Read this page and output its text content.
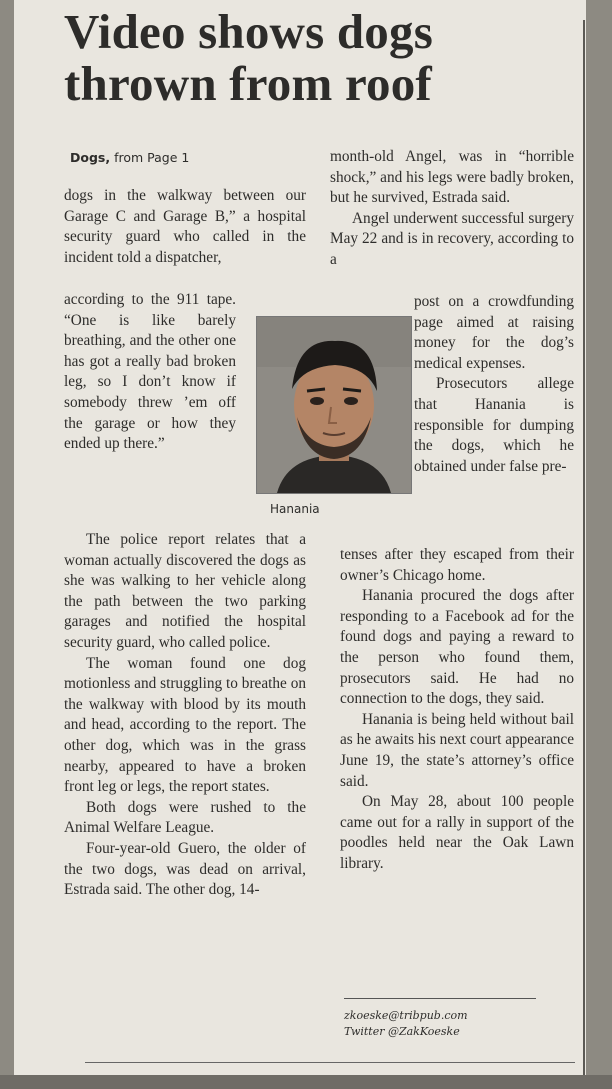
Video shows dogs
thrown from roof
Dogs, from Page 1

dogs in the walkway between our Garage C and Garage B,” a hospital security guard who called in the incident told a dispatcher,

according to the 911 tape. “One is like barely breathing, and the other one has got a really bad broken leg, so I don’t know if somebody threw ’em off the garage or how they ended up there.”

The police report relates that a woman actually discovered the dogs as she was walking to her vehicle along the path between the two parking garages and notified the hospital security guard, who called police.

The woman found one dog motionless and struggling to breathe on the walkway with blood by its mouth and head, according to the report. The other dog, which was in the grass nearby, appeared to have a broken front leg or legs, the report states.

Both dogs were rushed to the Animal Welfare League.

Four-year-old Guero, the older of the two dogs, was dead on arrival, Estrada said. The other dog, 14-

Hanania

month-old Angel, was in “horrible shock,” and his legs were badly broken, but he survived, Estrada said.

Angel underwent successful surgery May 22 and is in recovery, according to a

post on a crowdfunding page aimed at raising money for the dog’s medical expenses.

Prosecutors allege that Hanania is responsible for dumping the dogs, which he obtained under false pre-

tenses after they escaped from their owner’s Chicago home.

Hanania procured the dogs after responding to a Facebook ad for the found dogs and paying a reward to the person who found them, prosecutors said. He had no connection to the dogs, they said.

Hanania is being held without bail as he awaits his next court appearance June 19, the state’s attorney’s office said.

On May 28, about 100 people came out for a rally in support of the poodles held near the Oak Lawn library.

zkoeske@tribpub.com
Twitter @ZakKoeske
